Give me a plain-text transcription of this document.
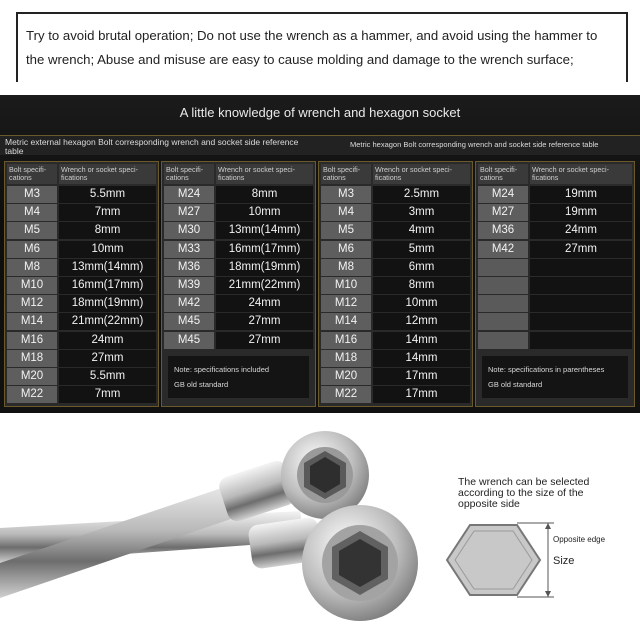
Try to avoid brutal operation; Do not use the wrench as a hammer, and avoid using the hammer to

the wrench; Abuse and misuse are easy to cause molding and damage to the wrench surface;

A little knowledge of wrench and hexagon socket
Metric external hexagon Bolt corresponding wrench and socket side reference table
Metric hexagon Bolt corresponding wrench and socket side reference table
Bolt specifi-cations
Wrench or socket speci-fications
M3	5.5mm
M4	7mm
M5	8mm
M6	10mm
M8	13mm(14mm)
M10	16mm(17mm)
M12	18mm(19mm)
M14	21mm(22mm)
M16	24mm
M18	27mm
M20	5.5mm
M22	7mm
Bolt specifi-cations
Wrench or socket speci-fications
M24	8mm
M27	10mm
M30	13mm(14mm)
M33	16mm(17mm)
M36	18mm(19mm)
M39	21mm(22mm)
M42	24mm
M45	27mm
M45	27mm
Note: specifications included
GB old standard
Bolt specifi-cations
Wrench or socket speci-fications
M3	2.5mm
M4	3mm
M5	4mm
M6	5mm
M8	6mm
M10	8mm
M12	10mm
M14	12mm
M16	14mm
M18	14mm
M20	17mm
M22	17mm
Bolt specifi-cations
Wrench or socket speci-fications
M24	19mm
M27	19mm
M36	24mm
M42	27mm
Note: specifications in parentheses
GB old standard
The wrench can be selected according to the size of the opposite side
Opposite edge
Size
